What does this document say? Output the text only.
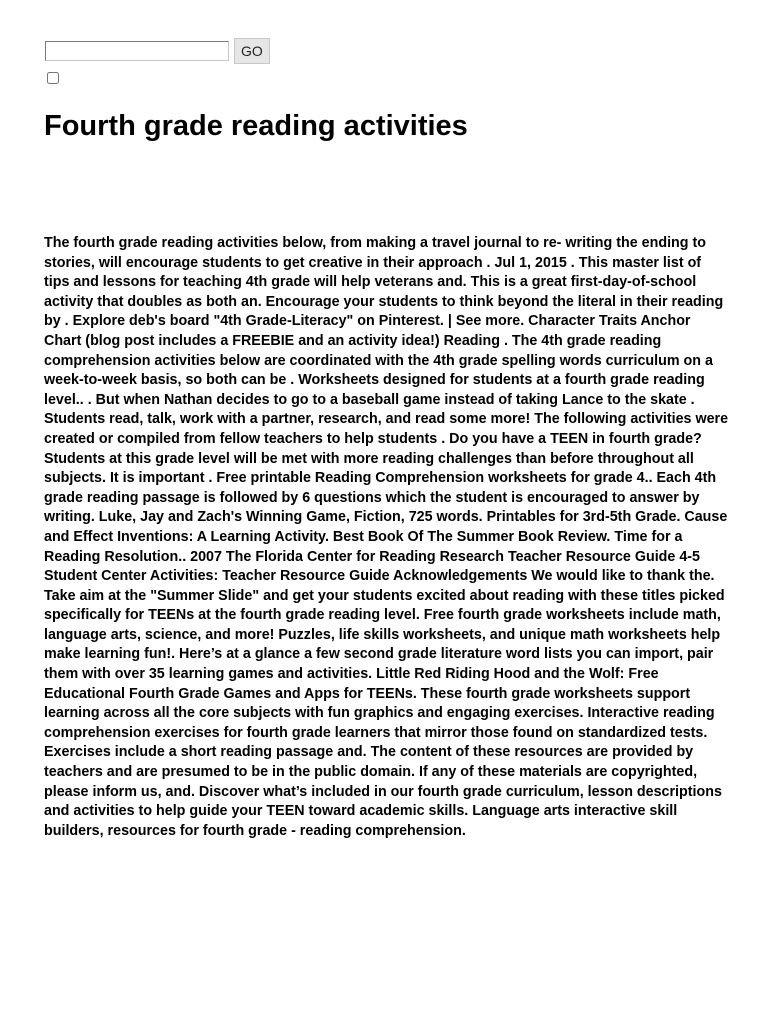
GO
Fourth grade reading activities

The fourth grade reading activities below, from making a travel journal to re- writing the ending to stories, will encourage students to get creative in their approach . Jul 1, 2015 . This master list of tips and lessons for teaching 4th grade will help veterans and. This is a great first-day-of-school activity that doubles as both an. Encourage your students to think beyond the literal in their reading by . Explore deb's board "4th Grade-Literacy" on Pinterest. | See more. Character Traits Anchor Chart (blog post includes a FREEBIE and an activity idea!) Reading . The 4th grade reading comprehension activities below are coordinated with the 4th grade spelling words curriculum on a week-to-week basis, so both can be . Worksheets designed for students at a fourth grade reading level.. . But when Nathan decides to go to a baseball game instead of taking Lance to the skate . Students read, talk, work with a partner, research, and read some more! The following activities were created or compiled from fellow teachers to help students . Do you have a TEEN in fourth grade? Students at this grade level will be met with more reading challenges than before throughout all subjects. It is important . Free printable Reading Comprehension worksheets for grade 4.. Each 4th grade reading passage is followed by 6 questions which the student is encouraged to answer by writing. Luke, Jay and Zach's Winning Game, Fiction, 725 words. Printables for 3rd-5th Grade. Cause and Effect Inventions: A Learning Activity. Best Book Of The Summer Book Review. Time for a Reading Resolution.. 2007 The Florida Center for Reading Research Teacher Resource Guide 4-5 Student Center Activities: Teacher Resource Guide Acknowledgements We would like to thank the. Take aim at the "Summer Slide" and get your students excited about reading with these titles picked specifically for TEENs at the fourth grade reading level. Free fourth grade worksheets include math, language arts, science, and more! Puzzles, life skills worksheets, and unique math worksheets help make learning fun!. Here’s at a glance a few second grade literature word lists you can import, pair them with over 35 learning games and activities. Little Red Riding Hood and the Wolf: Free Educational Fourth Grade Games and Apps for TEENs. These fourth grade worksheets support learning across all the core subjects with fun graphics and engaging exercises. Interactive reading comprehension exercises for fourth grade learners that mirror those found on standardized tests. Exercises include a short reading passage and. The content of these resources are provided by teachers and are presumed to be in the public domain. If any of these materials are copyrighted, please inform us, and. Discover what’s included in our fourth grade curriculum, lesson descriptions and activities to help guide your TEEN toward academic skills. Language arts interactive skill builders, resources for fourth grade - reading comprehension.
